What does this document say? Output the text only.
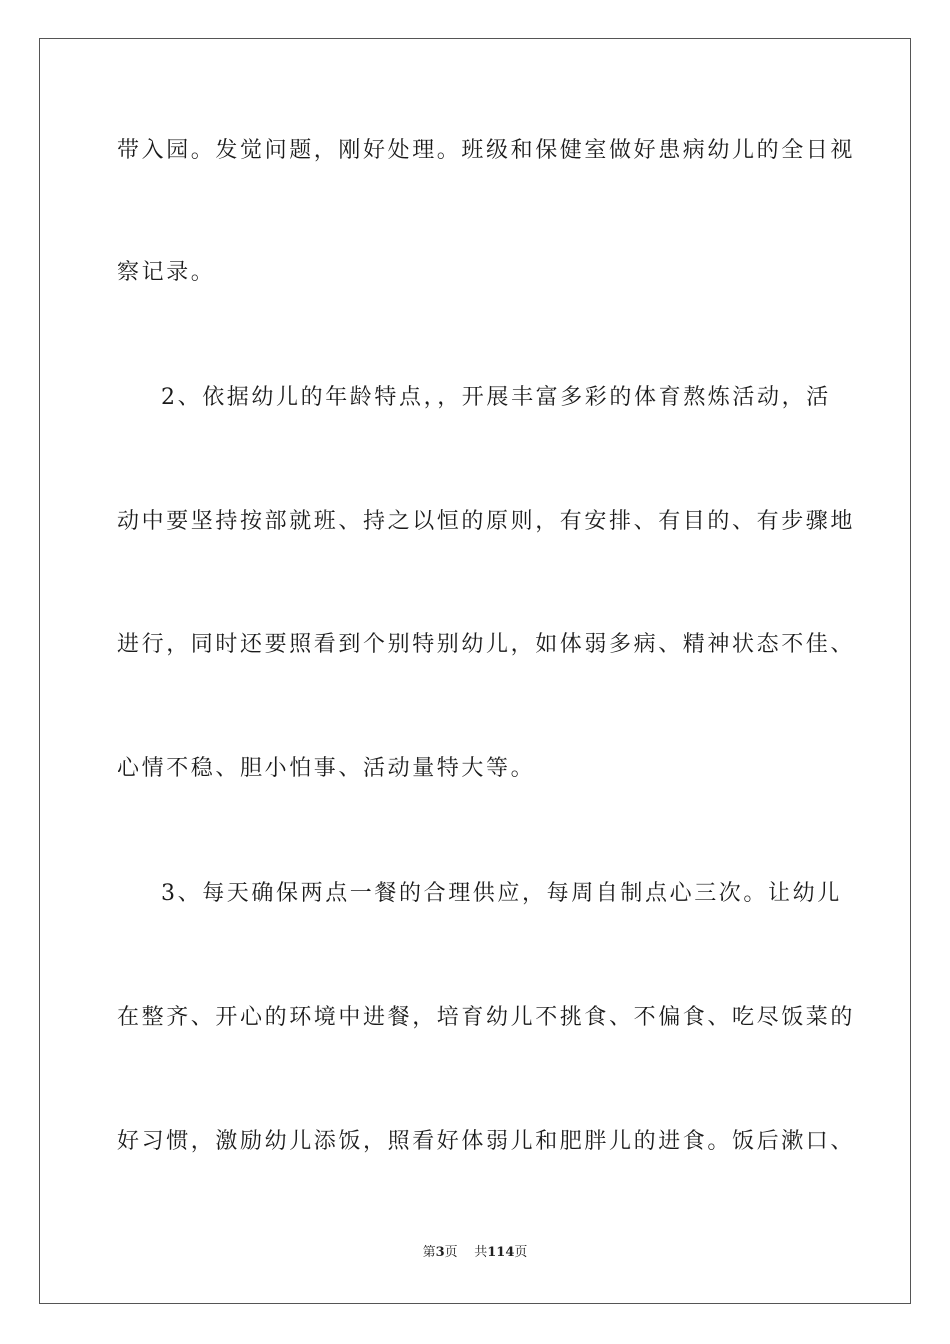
带入园。发觉问题，刚好处理。班级和保健室做好患病幼儿的全日视
察记录。
2、依据幼儿的年龄特点，，开展丰富多彩的体育熬炼活动，活
动中要坚持按部就班、持之以恒的原则，有安排、有目的、有步骤地
进行，同时还要照看到个别特别幼儿，如体弱多病、精神状态不佳、
心情不稳、胆小怕事、活动量特大等。
3、每天确保两点一餐的合理供应，每周自制点心三次。让幼儿
在整齐、开心的环境中进餐，培育幼儿不挑食、不偏食、吃尽饭菜的
好习惯，激励幼儿添饭，照看好体弱儿和肥胖儿的进食。饭后漱口、
第3页 共114页
